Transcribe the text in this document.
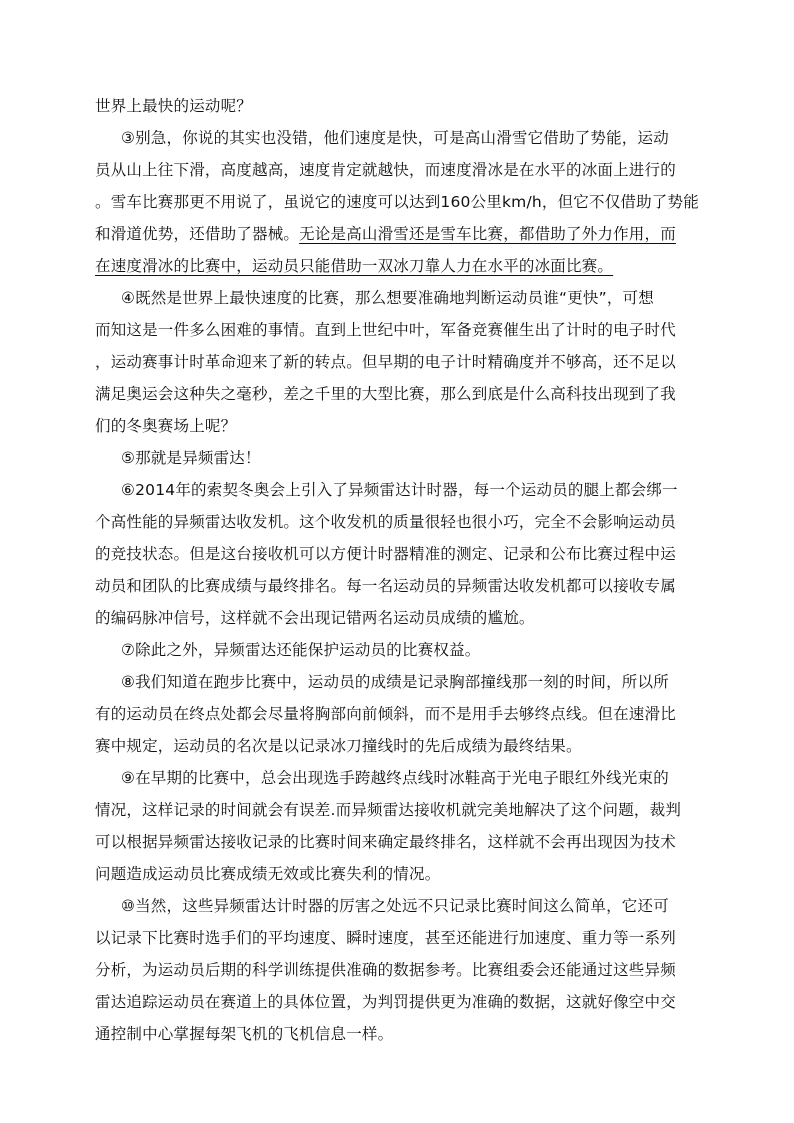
世界上最快的运动呢？
③别急，你说的其实也没错，他们速度是快，可是高山滑雪它借助了势能，运动
员从山上往下滑，高度越高，速度肯定就越快，而速度滑冰是在水平的冰面上进行的
。雪车比赛那更不用说了，虽说它的速度可以达到160公里km/h，但它不仅借助了势能
和滑道优势，还借助了器械。无论是高山滑雪还是雪车比赛，都借助了外力作用，而
在速度滑冰的比赛中，运动员只能借助一双冰刀靠人力在水平的冰面比赛。
④既然是世界上最快速度的比赛，那么想要准确地判断运动员谁“更快”，可想
而知这是一件多么困难的事情。直到上世纪中叶，军备竞赛催生出了计时的电子时代
，运动赛事计时革命迎来了新的转点。但早期的电子计时精确度并不够高，还不足以
满足奥运会这种失之毫秒，差之千里的大型比赛，那么到底是什么高科技出现到了我
们的冬奥赛场上呢？
⑤那就是异频雷达！
⑥2014年的索契冬奥会上引入了异频雷达计时器，每一个运动员的腿上都会绑一
个高性能的异频雷达收发机。这个收发机的质量很轻也很小巧，完全不会影响运动员
的竞技状态。但是这台接收机可以方便计时器精准的测定、记录和公布比赛过程中运
动员和团队的比赛成绩与最终排名。每一名运动员的异频雷达收发机都可以接收专属
的编码脉冲信号，这样就不会出现记错两名运动员成绩的尴尬。
⑦除此之外，异频雷达还能保护运动员的比赛权益。
⑧我们知道在跑步比赛中，运动员的成绩是记录胸部撞线那一刻的时间，所以所
有的运动员在终点处都会尽量将胸部向前倾斜，而不是用手去够终点线。但在速滑比
赛中规定，运动员的名次是以记录冰刀撞线时的先后成绩为最终结果。
⑨在早期的比赛中，总会出现选手跨越终点线时冰鞋高于光电子眼红外线光束的
情况，这样记录的时间就会有误差.而异频雷达接收机就完美地解决了这个问题，裁判
可以根据异频雷达接收记录的比赛时间来确定最终排名，这样就不会再出现因为技术
问题造成运动员比赛成绩无效或比赛失利的情况。
⑩当然，这些异频雷达计时器的厉害之处远不只记录比赛时间这么简单，它还可
以记录下比赛时选手们的平均速度、瞬时速度，甚至还能进行加速度、重力等一系列
分析，为运动员后期的科学训练提供准确的数据参考。比赛组委会还能通过这些异频
雷达追踪运动员在赛道上的具体位置，为判罚提供更为准确的数据，这就好像空中交
通控制中心掌握每架飞机的飞机信息一样。
